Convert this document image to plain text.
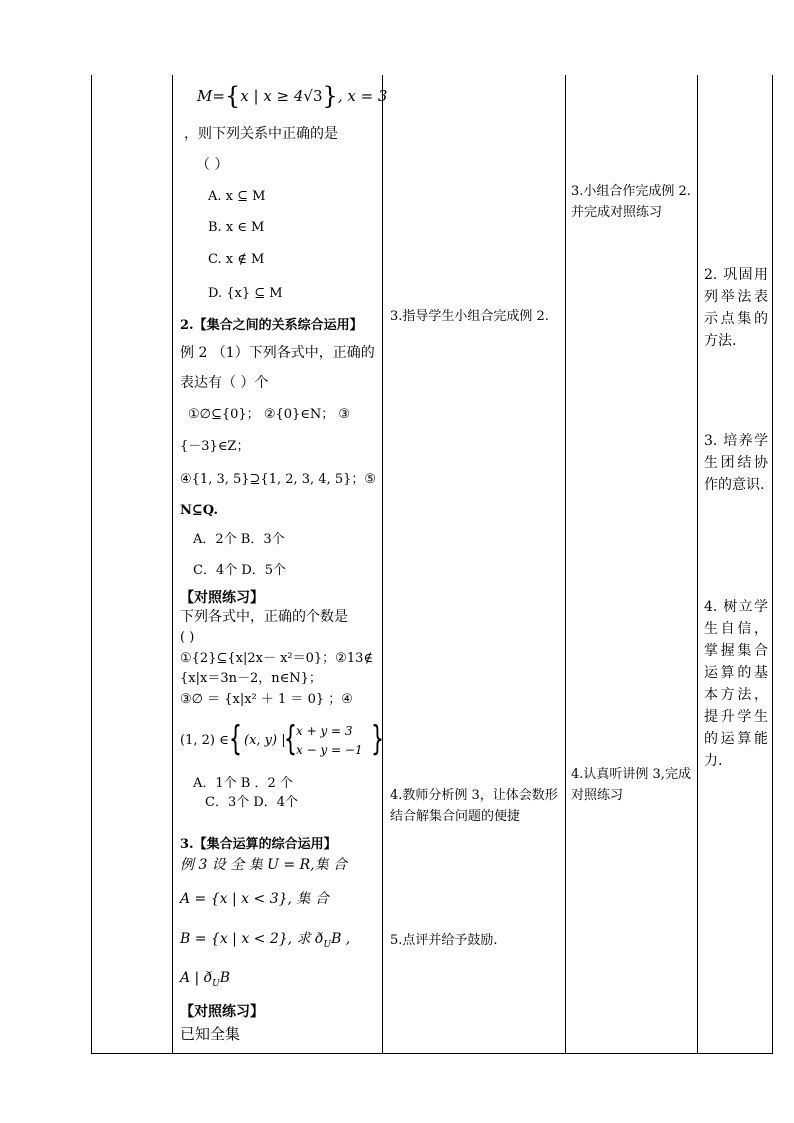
M={x | x ≥ 4√3}, x = 3
，则下列关系中正确的是
（ ）
A. x ⊆ M
B. x ∈ M
C. x ∉ M
D. {x} ⊆ M
2.【集合之间的关系综合运用】
例 2 （1）下列各式中，正确的
表达有（ ）个
①∅⊆{0}； ②{0}∈N； ③
{－3}∈Z；
④{1, 3, 5}⊇{1, 2, 3, 4, 5}；⑤
N⊆Q.
A．2个 B．3个
C．4个 D．5个
【对照练习】
下列各式中，正确的个数是
( )
①{2}⊆{x|2x－ x²＝0}；②13∉
{x|x＝3n－2，n∈N}；
③∅ ＝ {x|x² ＋ 1 ＝ 0} ；④
(1, 2) ∈ { (x, y) |
{ x + y = 3
x − y = −1 }
A．1个 B ．2 个
C．3个 D．4个
3.【集合运算的综合运用】
例 3 设 全 集 U = R,集 合
A = {x | x < 3}, 集 合
B = {x | x < 2}, 求 $ð_UB$ ,
A | $ð_UB$
【对照练习】
已知全集
3.指导学生小组合完成例 2.
4.教师分析例 3，让体会数形结合解集合问题的便捷
5.点评并给予鼓励.
3.小组合作完成例 2.并完成对照练习
4.认真听讲例 3,完成对照练习
2. 巩固用列举法表示点集的方法.
3. 培养学生团结协作的意识.
4. 树立学生自信，掌握集合运算的基本方法，提升学生的运算能力.
